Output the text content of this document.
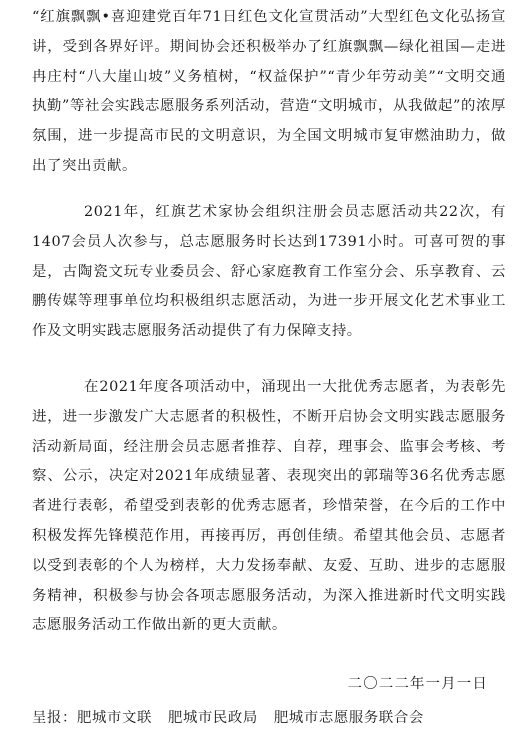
“红旗飘飘•喜迎建党百年71日红色文化宣贯活动”大型红色文化弘扬宣讲，受到各界好评。期间协会还积极举办了红旗飘飘—绿化祖国—走进冉庄村“八大崖山坡”义务植树，“权益保护”“青少年劳动美”“文明交通执勤”等社会实践志愿服务系列活动，营造“文明城市，从我做起”的浓厚氛围，进一步提高市民的文明意识，为全国文明城市复审燃油助力，做出了突出贡献。

2021年，红旗艺术家协会组织注册会员志愿活动共22次，有1407会员人次参与，总志愿服务时长达到17391小时。可喜可贺的事是，古陶瓷文玩专业委员会、舒心家庭教育工作室分会、乐享教育、云鹏传媒等理事单位均积极组织志愿活动，为进一步开展文化艺术事业工作及文明实践志愿服务活动提供了有力保障支持。

在2021年度各项活动中，涌现出一大批优秀志愿者，为表彰先进，进一步激发广大志愿者的积极性，不断开启协会文明实践志愿服务活动新局面，经注册会员志愿者推荐、自荐，理事会、监事会考核、考察、公示，决定对2021年成绩显著、表现突出的郭瑞等36名优秀志愿者进行表彰，希望受到表彰的优秀志愿者，珍惜荣誉，在今后的工作中积极发挥先锋模范作用，再接再厉，再创佳绩。希望其他会员、志愿者以受到表彰的个人为榜样，大力发扬奉献、友爱、互助、进步的志愿服务精神，积极参与协会各项志愿服务活动，为深入推进新时代文明实践志愿服务活动工作做出新的更大贡献。

二〇二二年一月一日
呈报：肥城市文联 肥城市民政局 肥城市志愿服务联合会
